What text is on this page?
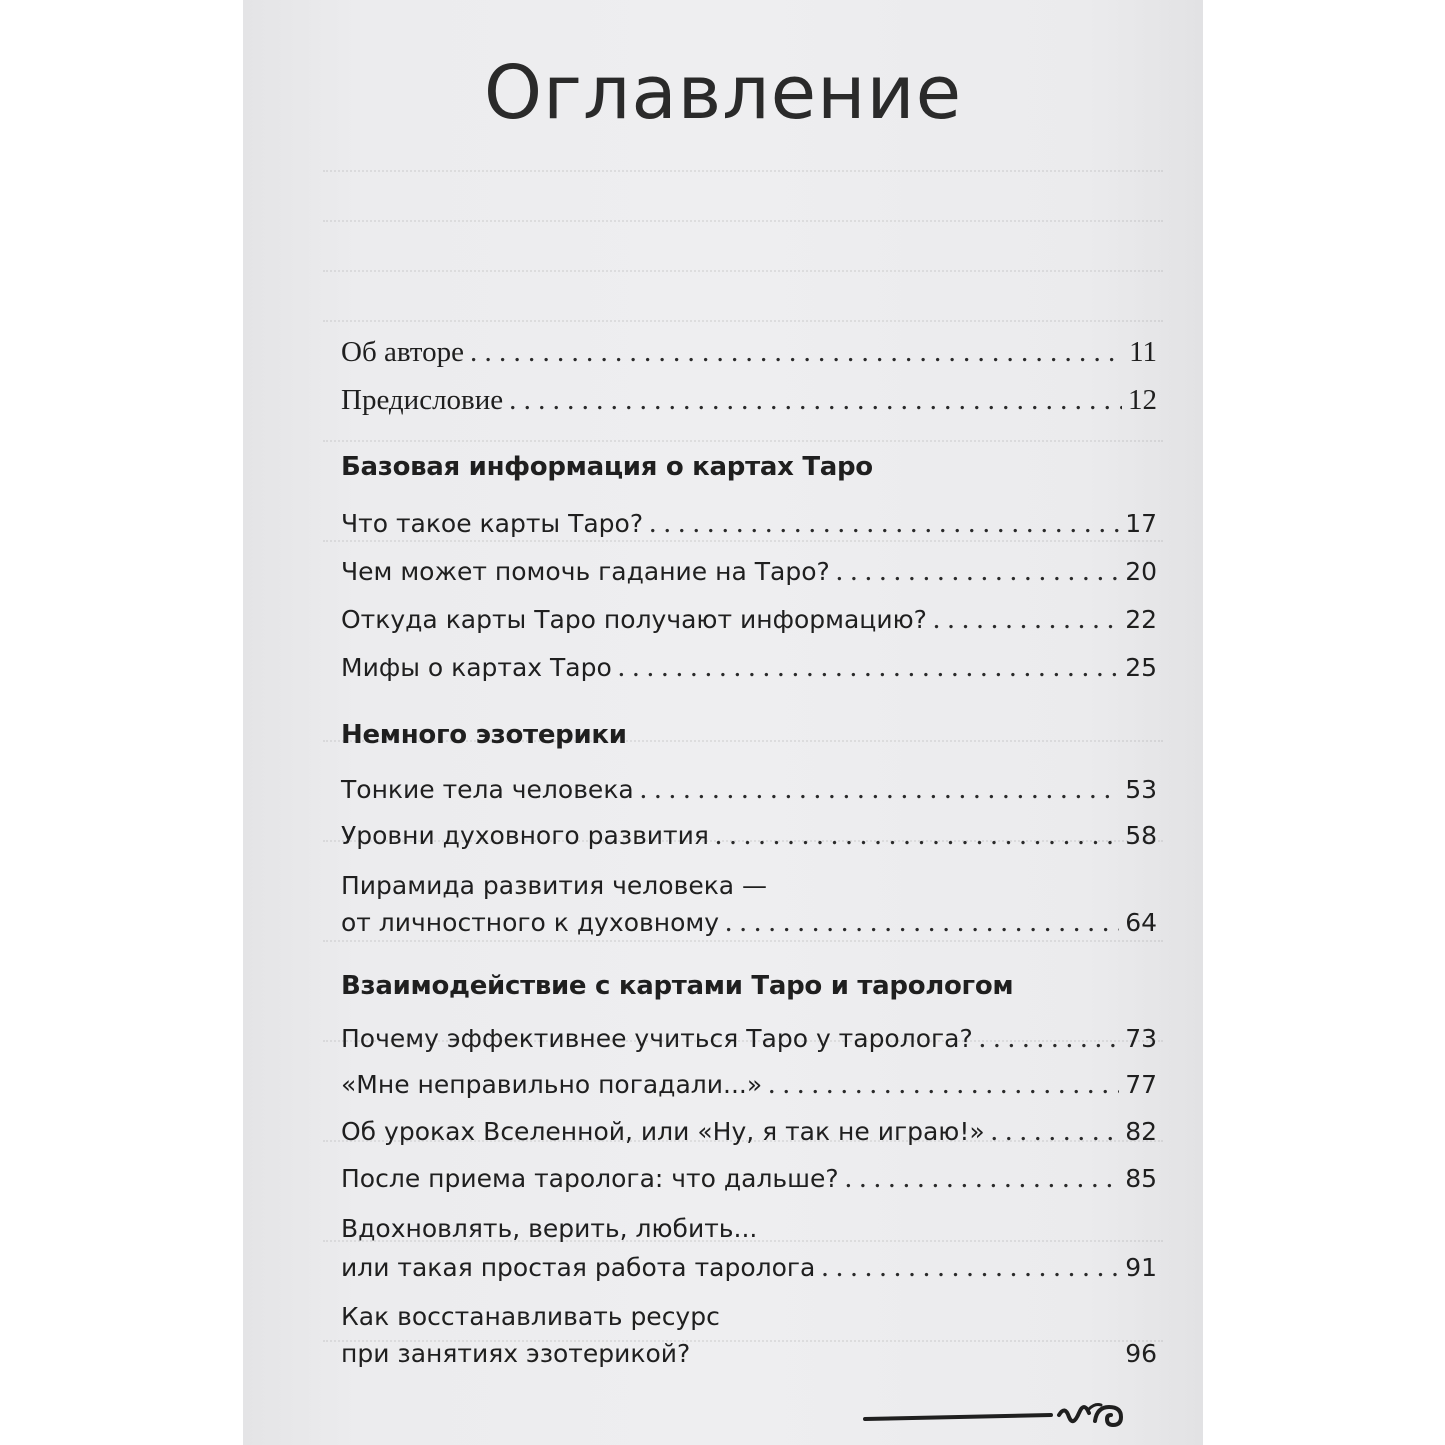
Оглавление
Об авторе . . .	11
Предисловие . . .	12
Базовая информация о картах Таро
Что такое карты Таро? . . .	17
Чем может помочь гадание на Таро? . . .	20
Откуда карты Таро получают информацию? . . .	22
Мифы о картах Таро . . .	25
Немного эзотерики
Тонкие тела человека . . .	53
Уровни духовного развития . . .	58
Пирамида развития человека —
от личностного к духовному . . .	64
Взаимодействие с картами Таро и тарологом
Почему эффективнее учиться Таро у таролога? . . .	73
«Мне неправильно погадали...» . . .	77
Об уроках Вселенной, или «Ну, я так не играю!» . . .	82
После приема таролога: что дальше? . . .	85
Вдохновлять, верить, любить...
или такая простая работа таролога . . .	91
Как восстанавливать ресурс
при занятиях эзотерикой?	96
